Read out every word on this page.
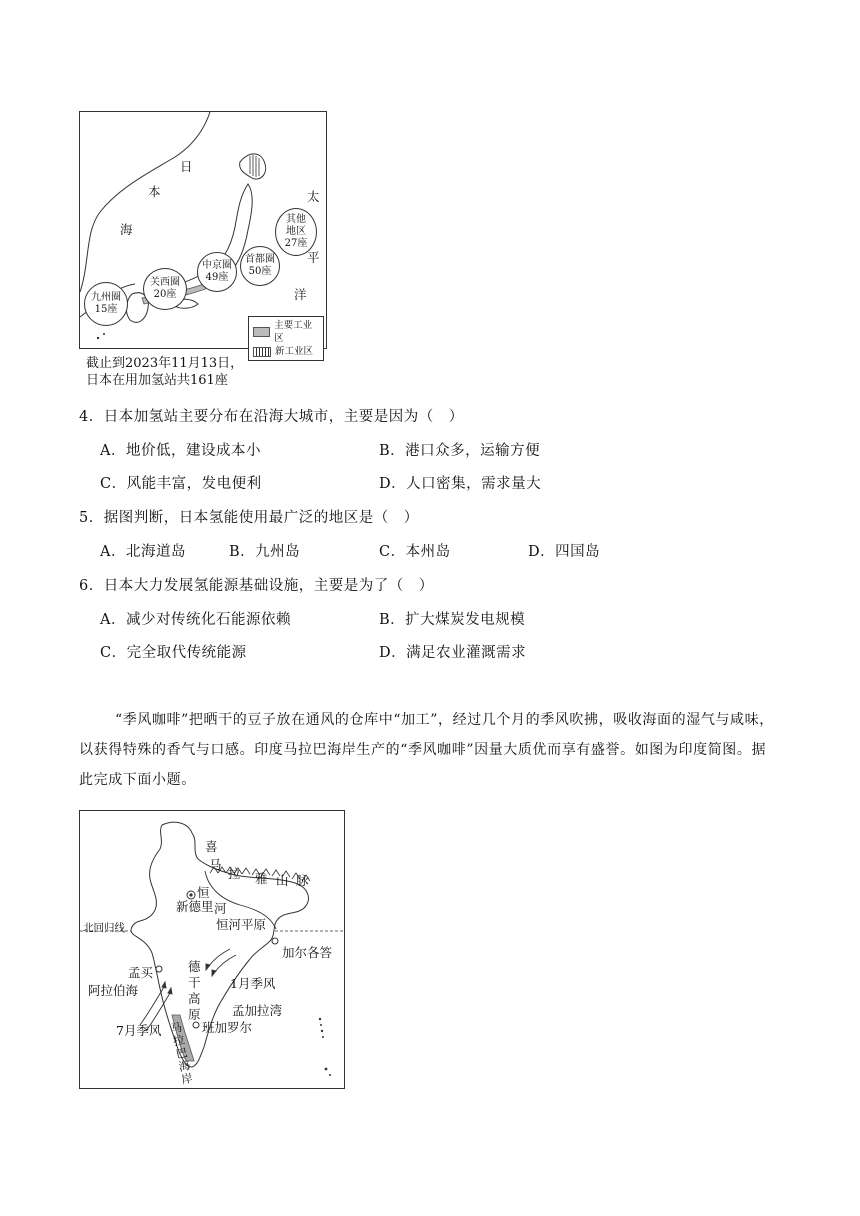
日
本
海
太
平
洋
其他
地区
27座
首都圈
50座
中京圈
49座
关西圈
20座
九州圈
15座
主要工业区
新工业区
截止到2023年11月13日，
日本在用加氢站共161座
4．日本加氢站主要分布在沿海大城市，主要是因为（　）
A．地价低，建设成本小	B．港口众多，运输方便
C．风能丰富，发电便利	D．人口密集，需求量大
5．据图判断，日本氢能使用最广泛的地区是（　）
A．北海道岛	B．九州岛	C．本州岛	D．四国岛
6．日本大力发展氢能源基础设施，主要是为了（　）
A．减少对传统化石能源依赖	B．扩大煤炭发电规模
C．完全取代传统能源	D．满足农业灌溉需求
“季风咖啡”把晒干的豆子放在通风的仓库中“加工”，经过几个月的季风吹拂，吸收海面的湿气与咸味，
以获得特殊的香气与口感。印度马拉巴海岸生产的“季风咖啡”因量大质优而享有盛誉。如图为印度简图。据
此完成下面小题。
喜
马
拉 雅 山 脉
恒
新德里 河
恒河平原
北回归线
加尔各答
孟买	德干高原
阿拉伯海	1月季风
孟加拉湾
7月季风	班加罗尔
马拉巴海岸
